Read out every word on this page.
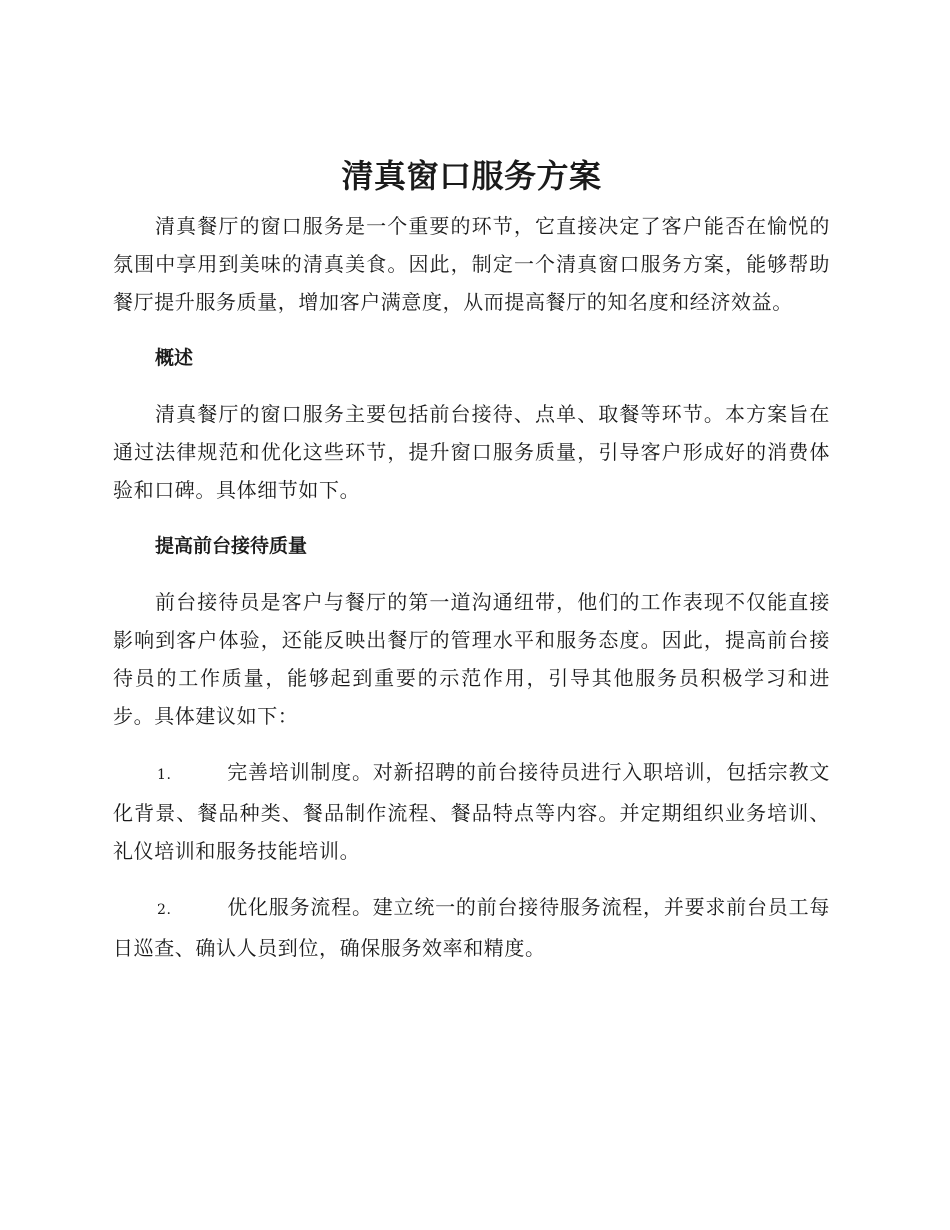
清真窗口服务方案

清真餐厅的窗口服务是一个重要的环节，它直接决定了客户能否在愉悦的氛围中享用到美味的清真美食。因此，制定一个清真窗口服务方案，能够帮助餐厅提升服务质量，增加客户满意度，从而提高餐厅的知名度和经济效益。

概述

清真餐厅的窗口服务主要包括前台接待、点单、取餐等环节。本方案旨在通过法律规范和优化这些环节，提升窗口服务质量，引导客户形成好的消费体验和口碑。具体细节如下。

提高前台接待质量

前台接待员是客户与餐厅的第一道沟通纽带，他们的工作表现不仅能直接影响到客户体验，还能反映出餐厅的管理水平和服务态度。因此，提高前台接待员的工作质量，能够起到重要的示范作用，引导其他服务员积极学习和进步。具体建议如下：

1.	完善培训制度。对新招聘的前台接待员进行入职培训，包括宗教文化背景、餐品种类、餐品制作流程、餐品特点等内容。并定期组织业务培训、礼仪培训和服务技能培训。
2.	优化服务流程。建立统一的前台接待服务流程，并要求前台员工每日巡查、确认人员到位，确保服务效率和精度。
